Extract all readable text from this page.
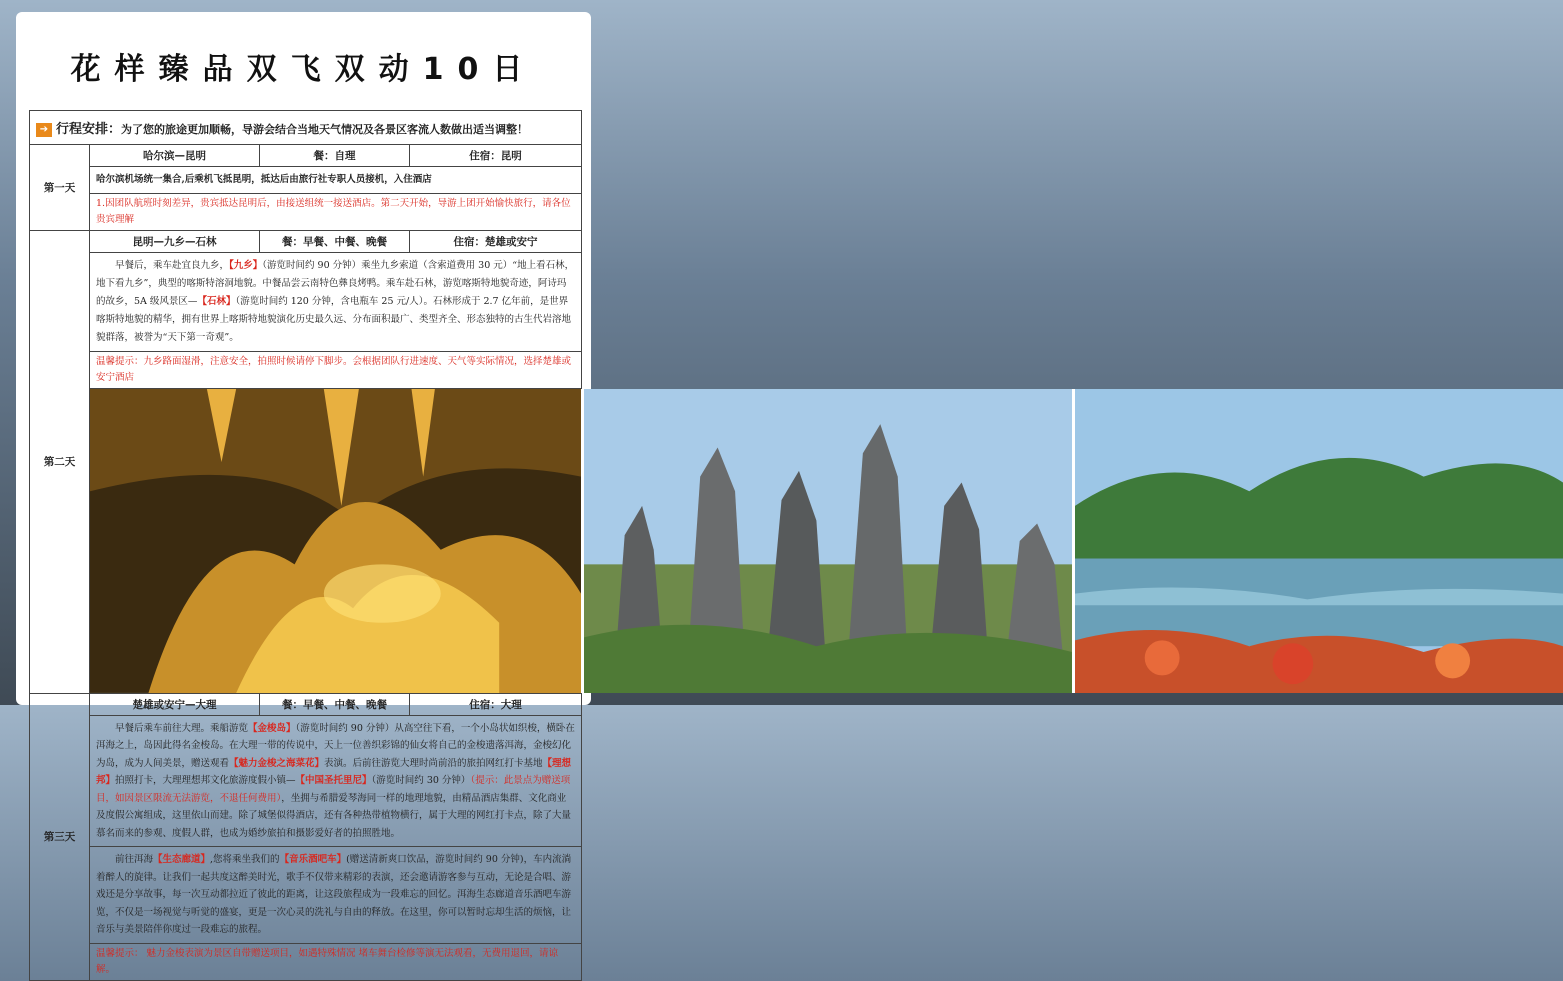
花样臻品双飞双动10日
➔ 行程安排：为了您的旅途更加顺畅，导游会结合当地天气情况及各景区客流人数做出适当调整！			
第一天	哈尔滨—昆明	餐：自理	住宿：昆明
	哈尔滨机场统一集合,后乘机飞抵昆明，抵达后由旅行社专职人员接机，入住酒店		
	1.因团队航班时刻差异，贵宾抵达昆明后，由接送组统一接送酒店。第二天开始，导游上团开始愉快旅行，请各位贵宾理解		
第二天	昆明—九乡—石林	餐：早餐、中餐、晚餐	住宿：楚雄或安宁
	早餐后，乘车赴宜良九乡，【九乡】（游览时间约 90 分钟）乘坐九乡索道（含索道费用 30 元）“地上看石林，地下看九乡”，典型的喀斯特溶洞地貌。中餐品尝云南特色彝良烤鸭。乘车赴石林，游览喀斯特地貌奇迹，阿诗玛的故乡，5A 级风景区—【石林】（游览时间约 120 分钟，含电瓶车 25 元/人）。石林形成于 2.7 亿年前，是世界喀斯特地貌的精华，拥有世界上喀斯特地貌演化历史最久远、分布面积最广、类型齐全、形态独特的古生代岩溶地貌群落，被誉为“天下第一奇观”。		
	温馨提示：九乡路面湿滑，注意安全，拍照时候请停下脚步。会根据团队行进速度、天气等实际情况，选择楚雄或安宁酒店		

第三天	楚雄或安宁—大理	餐：早餐、中餐、晚餐	住宿：大理
	早餐后乘车前往大理。乘船游览【金梭岛】（游览时间约 90 分钟）从高空往下看，一个小岛状如织梭，横卧在洱海之上，岛因此得名金梭岛。在大理一带的传说中，天上一位善织彩锦的仙女将自己的金梭遗落洱海，金梭幻化为岛，成为人间美景，赠送观看【魅力金梭之海菜花】表演。后前往游览大理时尚前沿的旅拍网红打卡基地【理想邦】拍照打卡，大理理想邦文化旅游度假小镇—【中国圣托里尼】（游览时间约 30 分钟）（提示：此景点为赠送项目，如因景区限流无法游览，不退任何费用），坐拥与希腊爱琴海同一样的地理地貌，由精品酒店集群、文化商业及度假公寓组成，这里依山而建。除了城堡似得酒店，还有各种热带植物横行，属于大理的网红打卡点，除了大量慕名而来的参观、度假人群，也成为婚纱旅拍和摄影爱好者的拍照胜地。		
	前往洱海【生态廊道】,您将乘坐我们的【音乐酒吧车】(赠送清新爽口饮品，游览时间约 90 分钟)，车内流淌着醉人的旋律。让我们一起共度这醉美时光，歌手不仅带来精彩的表演，还会邀请游客参与互动，无论是合唱、游戏还是分享故事，每一次互动都拉近了彼此的距离，让这段旅程成为一段难忘的回忆。洱海生态廊道音乐酒吧车游览，不仅是一场视觉与听觉的盛宴，更是一次心灵的洗礼与自由的释放。在这里，你可以暂时忘却生活的烦恼，让音乐与美景陪伴你度过一段难忘的旅程。		
	温馨提示： 魅力金梭表演为景区自带赠送项目，如遇特殊情况 堵车舞台检修等演无法观看，无费用退回，请谅解。		
